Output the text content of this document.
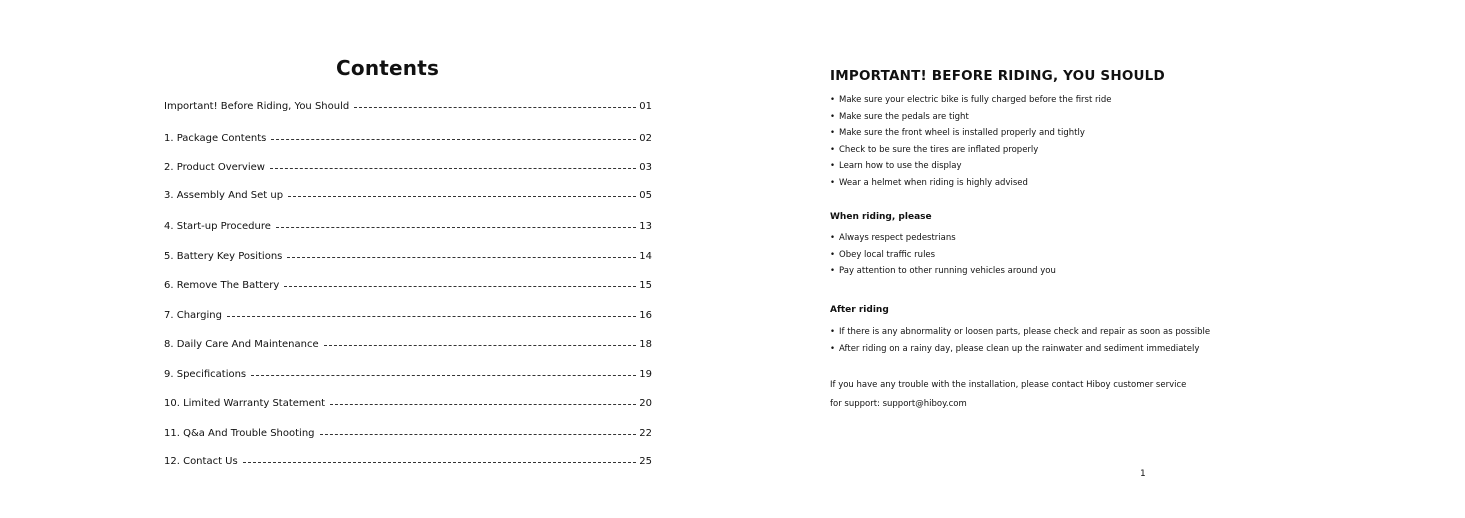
Contents
Important! Before Riding, You Should	01
1. Package Contents	02
2. Product Overview	03
3. Assembly And Set up	05
4. Start-up Procedure	13
5. Battery Key Positions	14
6. Remove The Battery	15
7. Charging	16
8. Daily Care And Maintenance	18
9. Specifications	19
10. Limited Warranty Statement	20
11. Q&a And Trouble Shooting	22
12. Contact Us	25
IMPORTANT! BEFORE RIDING, YOU SHOULD
• Make sure your electric bike is fully charged before the first ride
• Make sure the pedals are tight
• Make sure the front wheel is installed properly and tightly
• Check to be sure the tires are inflated properly
• Learn how to use the display
• Wear a helmet when riding is highly advised
When riding, please
• Always respect pedestrians
• Obey local traffic rules
• Pay attention to other running vehicles around you
After riding
• If there is any abnormality or loosen parts, please check and repair as soon as possible
• After riding on a rainy day, please clean up the rainwater and sediment immediately
If you have any trouble with the installation, please contact Hiboy customer service
for support: support@hiboy.com
1
